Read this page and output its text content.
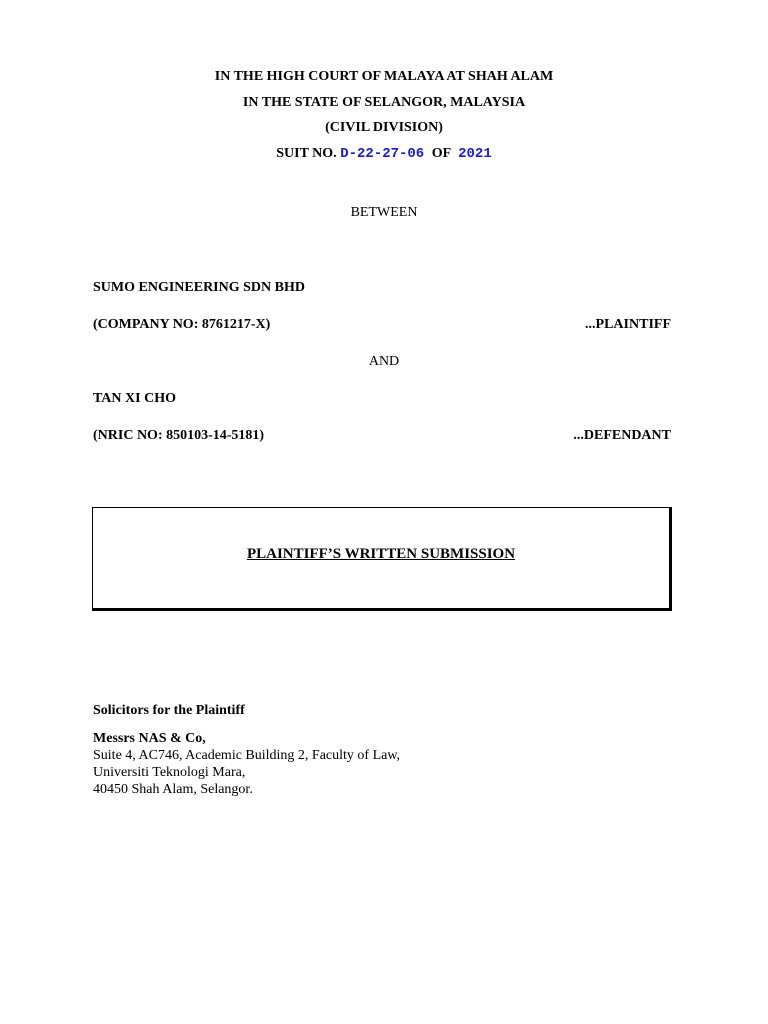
IN THE HIGH COURT OF MALAYA AT SHAH ALAM
IN THE STATE OF SELANGOR, MALAYSIA
(CIVIL DIVISION)
SUIT NO. D-22-27-06 OF 2021
BETWEEN
SUMO ENGINEERING SDN BHD
(COMPANY NO: 8761217-X)	...PLAINTIFF
AND
TAN XI CHO
(NRIC NO: 850103-14-5181)	...DEFENDANT
PLAINTIFF’S WRITTEN SUBMISSION
Solicitors for the Plaintiff
Messrs NAS & Co,
Suite 4, AC746, Academic Building 2, Faculty of Law,
Universiti Teknologi Mara,
40450 Shah Alam, Selangor.
